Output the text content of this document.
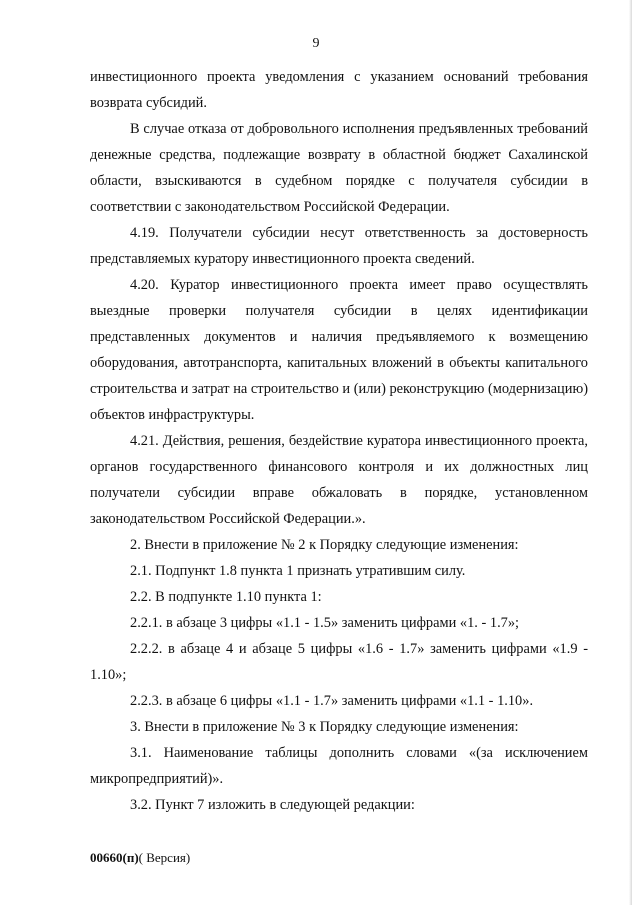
9

инвестиционного проекта уведомления с указанием оснований требования возврата субсидий.

В случае отказа от добровольного исполнения предъявленных требований денежные средства, подлежащие возврату в областной бюджет Сахалинской области, взыскиваются в судебном порядке с получателя субсидии в соответствии с законодательством Российской Федерации.

4.19. Получатели субсидии несут ответственность за достоверность представляемых куратору инвестиционного проекта сведений.

4.20. Куратор инвестиционного проекта имеет право осуществлять выездные проверки получателя субсидии в целях идентификации представленных документов и наличия предъявляемого к возмещению оборудования, автотранспорта, капитальных вложений в объекты капитального строительства и затрат на строительство и (или) реконструкцию (модернизацию) объектов инфраструктуры.

4.21. Действия, решения, бездействие куратора инвестиционного проекта, органов государственного финансового контроля и их должностных лиц получатели субсидии вправе обжаловать в порядке, установленном законодательством Российской Федерации.».

2. Внести в приложение № 2 к Порядку следующие изменения:

2.1. Подпункт 1.8 пункта 1 признать утратившим силу.

2.2. В подпункте 1.10 пункта 1:

2.2.1. в абзаце 3 цифры «1.1 - 1.5» заменить цифрами «1. - 1.7»;

2.2.2. в абзаце 4 и абзаце 5 цифры «1.6 - 1.7» заменить цифрами «1.9 - 1.10»;

2.2.3. в абзаце 6 цифры «1.1 - 1.7» заменить цифрами «1.1 - 1.10».

3. Внести в приложение № 3 к Порядку следующие изменения:

3.1. Наименование таблицы дополнить словами «(за исключением микропредприятий)».

3.2. Пункт 7 изложить в следующей редакции:

00660(п)( Версия)
